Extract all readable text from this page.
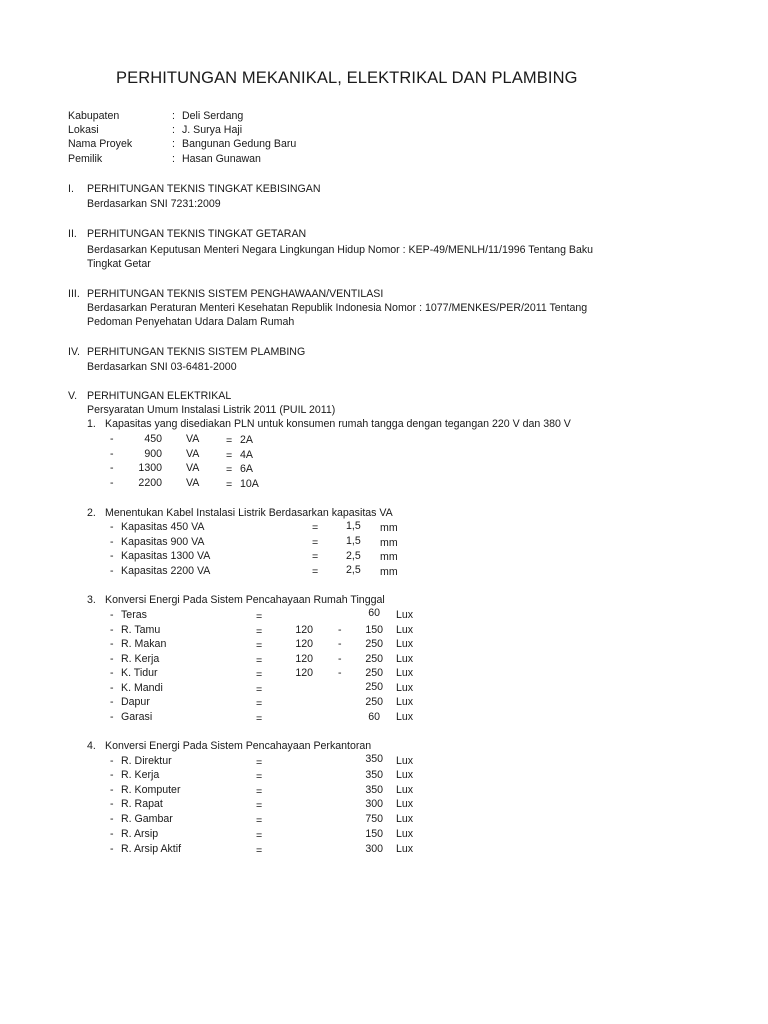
PERHITUNGAN MEKANIKAL, ELEKTRIKAL DAN PLAMBING
Kabupaten	: Deli Serdang
Lokasi	: J. Surya Haji
Nama Proyek	: Bangunan Gedung Baru
Pemilik	: Hasan Gunawan
I. PERHITUNGAN TEKNIS TINGKAT KEBISINGAN
Berdasarkan SNI 7231:2009
II. PERHITUNGAN TEKNIS TINGKAT GETARAN
Berdasarkan Keputusan Menteri Negara Lingkungan Hidup Nomor : KEP-49/MENLH/11/1996 Tentang Baku
Tingkat Getar
III. PERHITUNGAN TEKNIS SISTEM PENGHAWAAN/VENTILASI
Berdasarkan Peraturan Menteri Kesehatan Republik Indonesia Nomor : 1077/MENKES/PER/2011 Tentang
Pedoman Penyehatan Udara Dalam Rumah
IV. PERHITUNGAN TEKNIS SISTEM PLAMBING
Berdasarkan SNI 03-6481-2000
V. PERHITUNGAN ELEKTRIKAL
Persyaratan Umum Instalasi Listrik 2011 (PUIL 2011)
1. Kapasitas yang disediakan PLN untuk konsumen rumah tangga dengan tegangan 220 V dan 380 V
-	450 VA	= 2A
-	900 VA	= 4A
-	1300 VA	= 6A
-	2200 VA	= 10A
2. Menentukan Kabel Instalasi Listrik Berdasarkan kapasitas VA
- Kapasitas 450 VA	=	1,5 mm
- Kapasitas 900 VA	=	1,5 mm
- Kapasitas 1300 VA	=	2,5 mm
- Kapasitas 2200 VA	=	2,5 mm
3. Konversi Energi Pada Sistem Pencahayaan Rumah Tinggal
- Teras	=	60 Lux
- R. Tamu	=	120 -	150 Lux
- R. Makan	=	120 -	250 Lux
- R. Kerja	=	120 -	250 Lux
- K. Tidur	=	120 -	250 Lux
- K. Mandi	=	250 Lux
- Dapur	=	250 Lux
- Garasi	=	60 Lux
4. Konversi Energi Pada Sistem Pencahayaan Perkantoran
- R. Direktur	=	350 Lux
- R. Kerja	=	350 Lux
- R. Komputer	=	350 Lux
- R. Rapat	=	300 Lux
- R. Gambar	=	750 Lux
- R. Arsip	=	150 Lux
- R. Arsip Aktif	=	300 Lux
